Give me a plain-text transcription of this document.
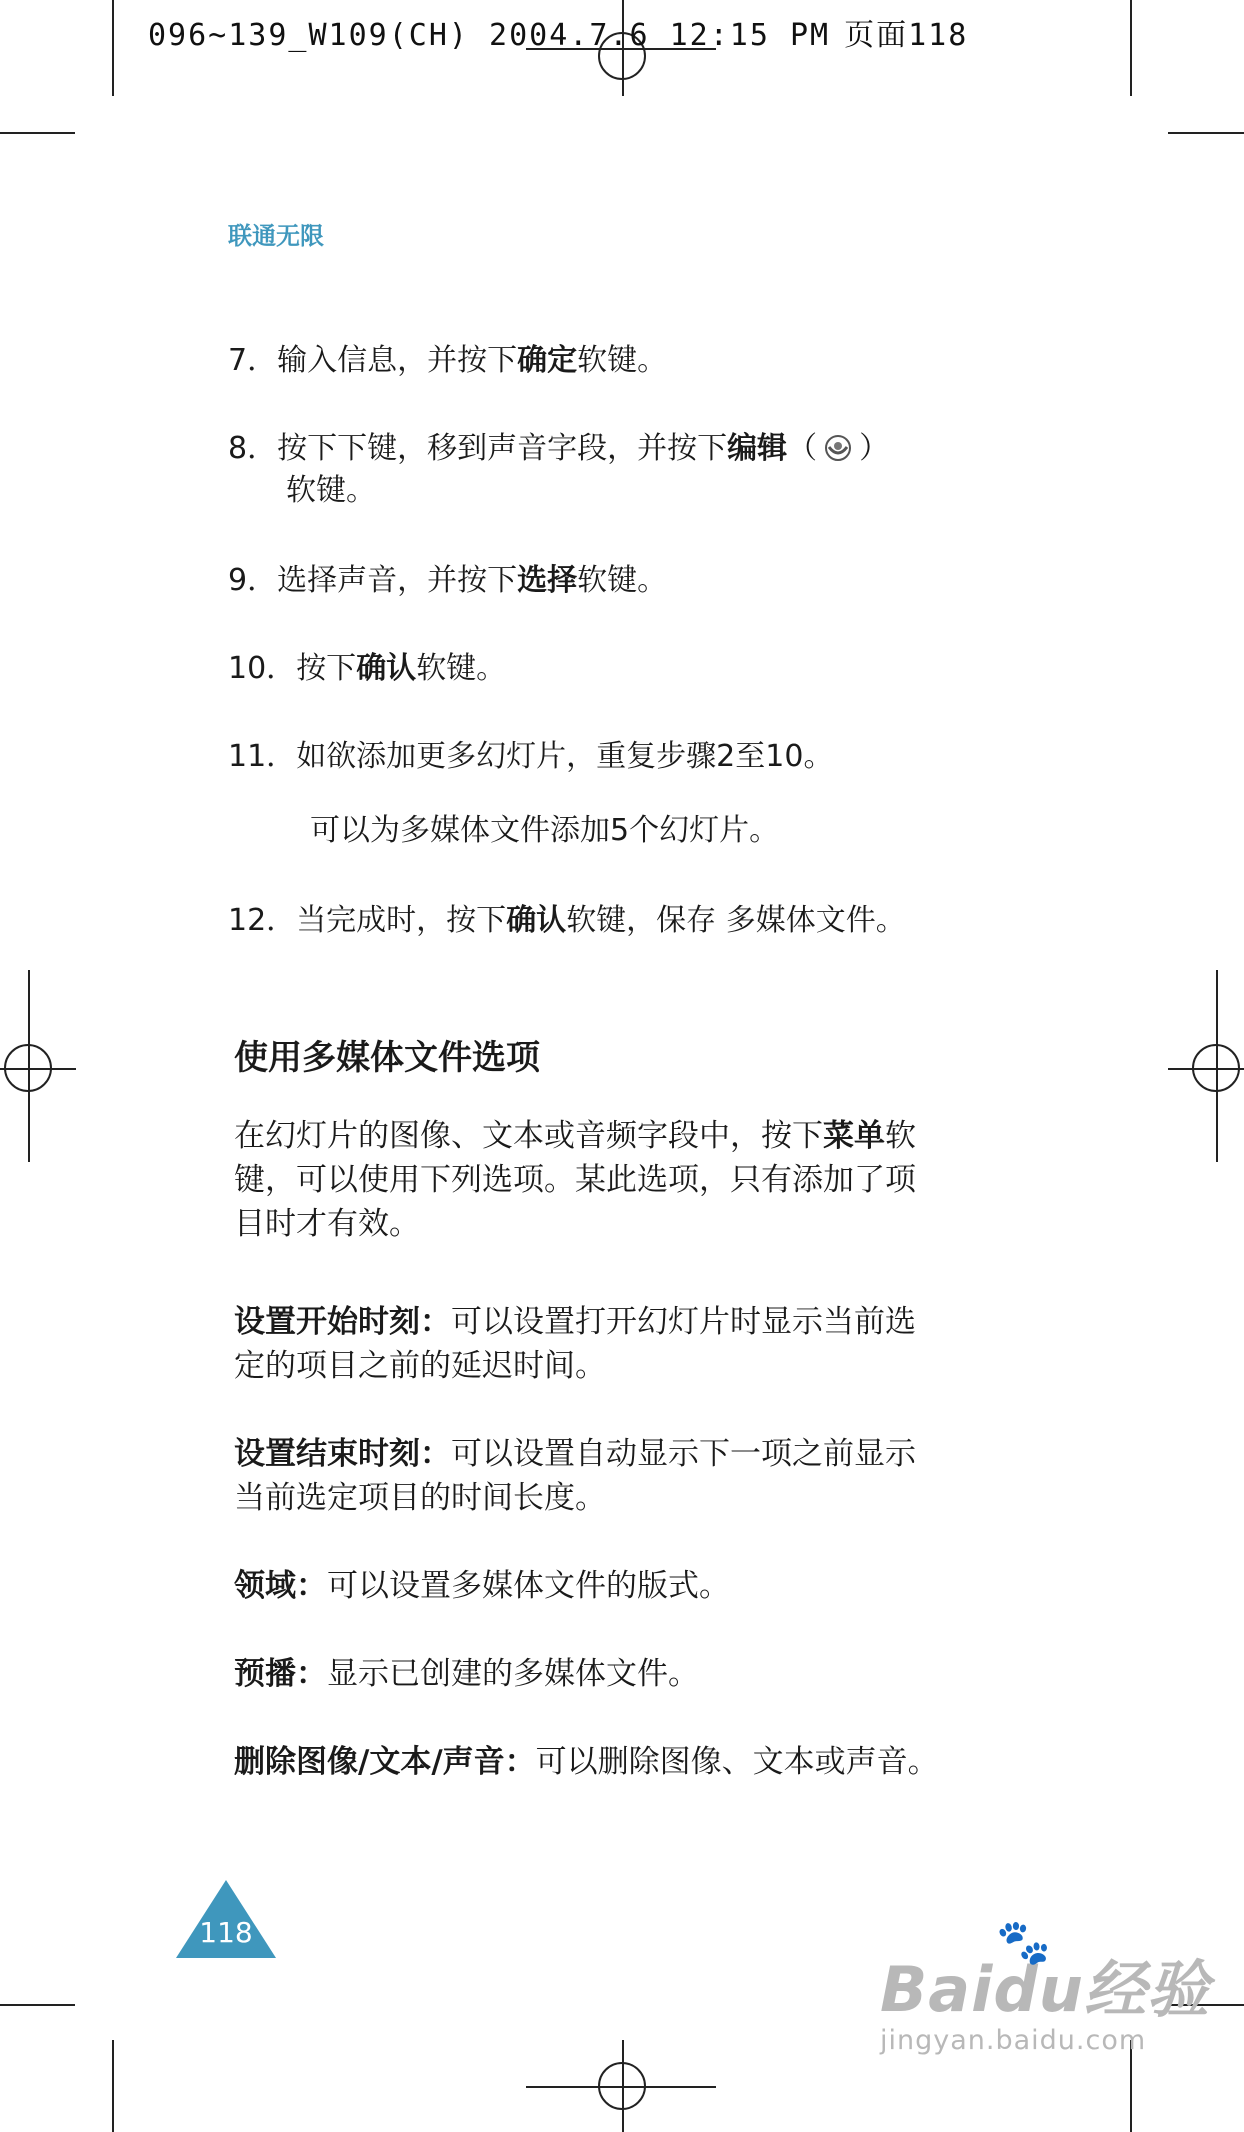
096~139_W109(CH) 2004.7.6 12:15 PM 页面118
联通无限
7．输入信息，并按下确定软键。
8．按下下键，移到声音字段，并按下编辑（ ）
软键。
9．选择声音，并按下选择软键。
10．按下确认软键。
11．如欲添加更多幻灯片，重复步骤2至10。
可以为多媒体文件添加5个幻灯片。
12．当完成时，按下确认软键，保存 多媒体文件。
使用多媒体文件选项
在幻灯片的图像、文本或音频字段中，按下菜单软
键，可以使用下列选项。某此选项，只有添加了项
目时才有效。
设置开始时刻：可以设置打开幻灯片时显示当前选
定的项目之前的延迟时间。
设置结束时刻：可以设置自动显示下一项之前显示
当前选定项目的时间长度。
领域：可以设置多媒体文件的版式。
预播：显示已创建的多媒体文件。
删除图像/文本/声音：可以删除图像、文本或声音。
118	🐾
Baidu经验
jingyan.baidu.com
